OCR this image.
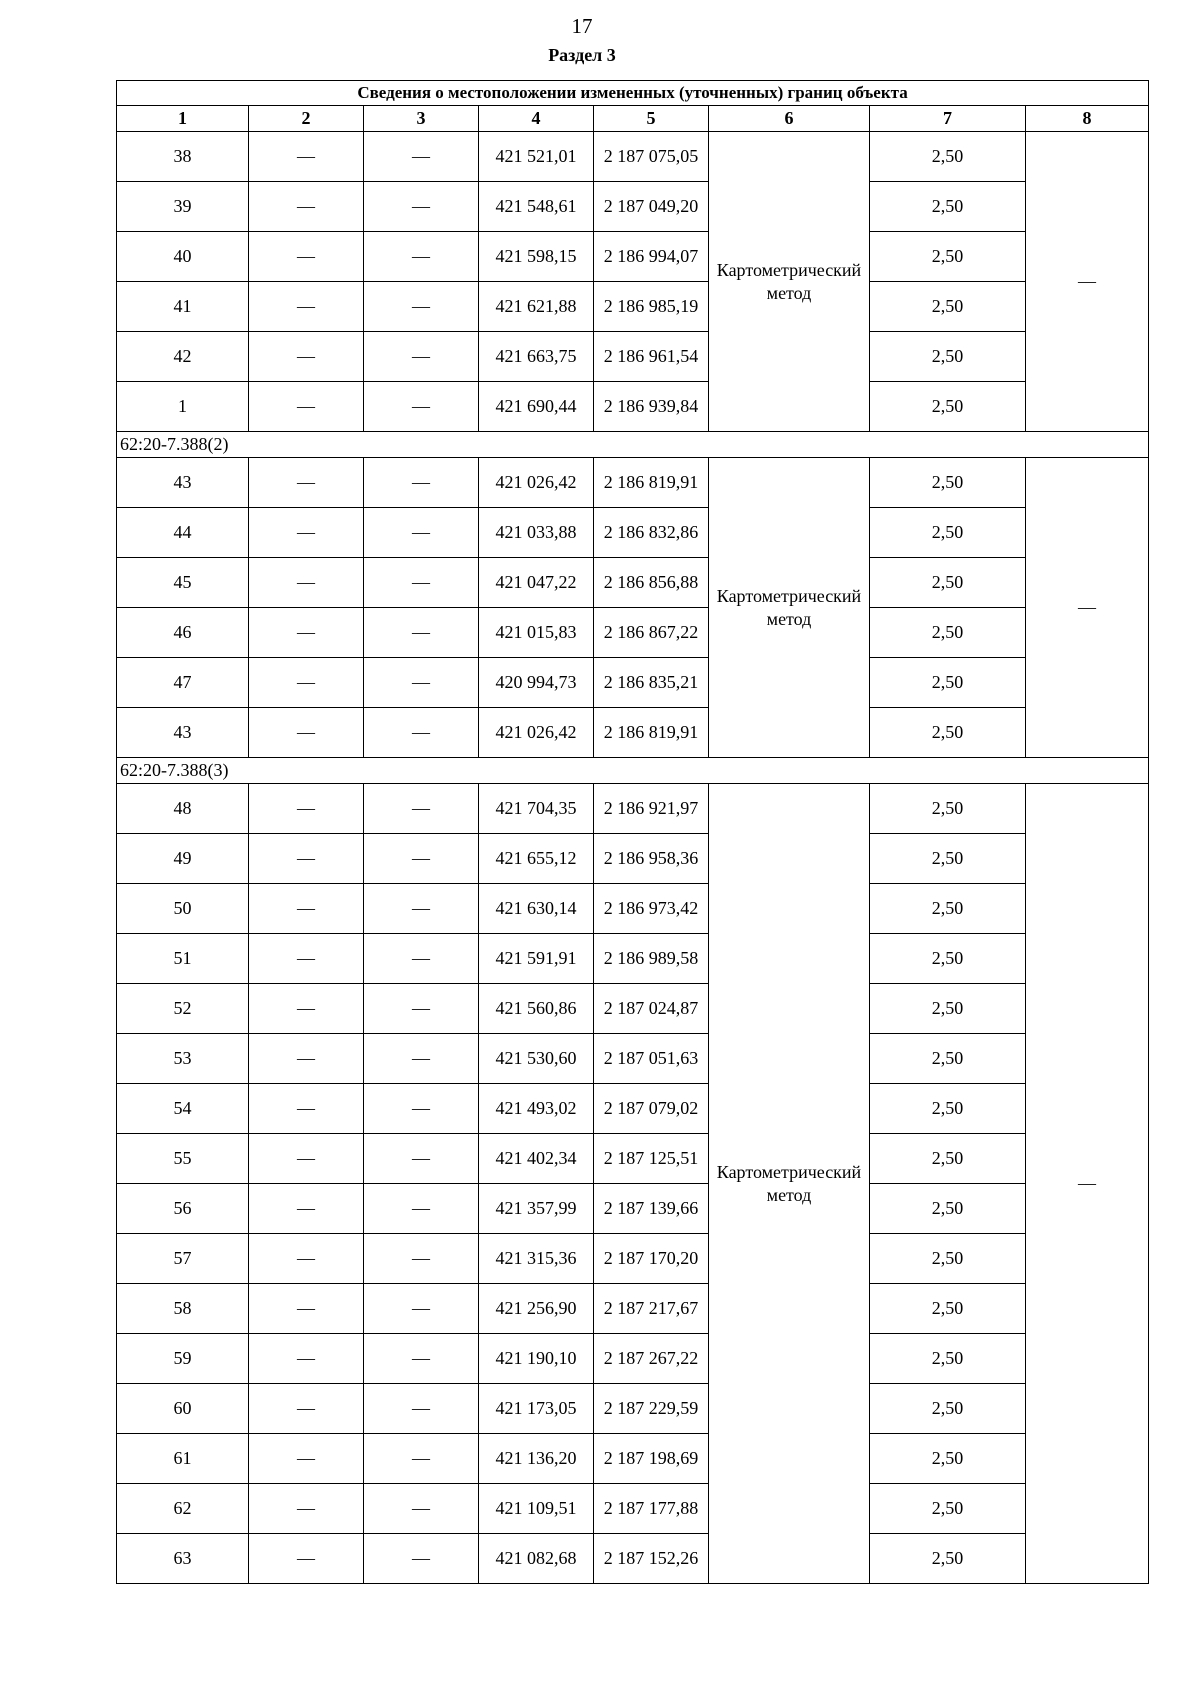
17
Раздел 3
Сведения о местоположении измененных (уточненных) границ объекта							
1	2	3	4	5	6	7	8
38	—	—	421 521,01	2 187 075,05	Картометрический метод	2,50	—
39	—	—	421 548,61	2 187 049,20		2,50	
40	—	—	421 598,15	2 186 994,07		2,50	
41	—	—	421 621,88	2 186 985,19		2,50	
42	—	—	421 663,75	2 186 961,54		2,50	
1	—	—	421 690,44	2 186 939,84		2,50	
62:20-7.388(2)							
43	—	—	421 026,42	2 186 819,91	Картометрический метод	2,50	—
44	—	—	421 033,88	2 186 832,86		2,50	
45	—	—	421 047,22	2 186 856,88		2,50	
46	—	—	421 015,83	2 186 867,22		2,50	
47	—	—	420 994,73	2 186 835,21		2,50	
43	—	—	421 026,42	2 186 819,91		2,50	
62:20-7.388(3)							
48	—	—	421 704,35	2 186 921,97	Картометрический метод	2,50	—
49	—	—	421 655,12	2 186 958,36		2,50	
50	—	—	421 630,14	2 186 973,42		2,50	
51	—	—	421 591,91	2 186 989,58		2,50	
52	—	—	421 560,86	2 187 024,87		2,50	
53	—	—	421 530,60	2 187 051,63		2,50	
54	—	—	421 493,02	2 187 079,02		2,50	
55	—	—	421 402,34	2 187 125,51		2,50	
56	—	—	421 357,99	2 187 139,66		2,50	
57	—	—	421 315,36	2 187 170,20		2,50	
58	—	—	421 256,90	2 187 217,67		2,50	
59	—	—	421 190,10	2 187 267,22		2,50	
60	—	—	421 173,05	2 187 229,59		2,50	
61	—	—	421 136,20	2 187 198,69		2,50	
62	—	—	421 109,51	2 187 177,88		2,50	
63	—	—	421 082,68	2 187 152,26		2,50	
